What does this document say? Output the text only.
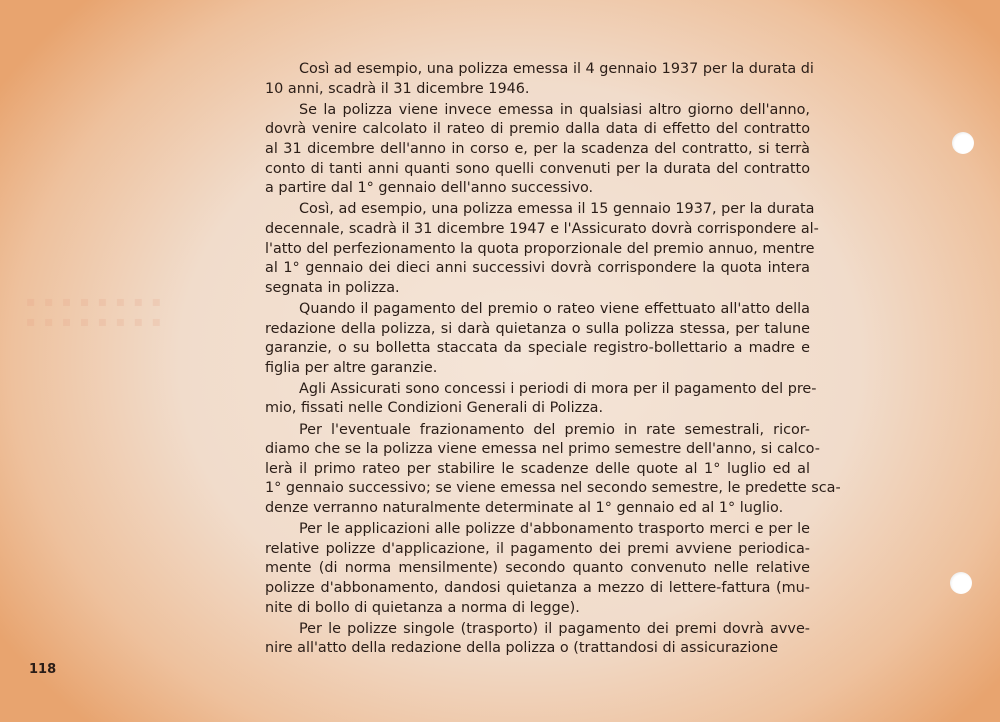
▪ ▪ ▪ ▪ ▪ ▪ ▪ ▪
▪ ▪ ▪ ▪ ▪ ▪ ▪ ▪
Così ad esempio, una polizza emessa il 4 gennaio 1937 per la durata di
10 anni, scadrà il 31 dicembre 1946.
Se la polizza viene invece emessa in qualsiasi altro giorno dell'anno,
dovrà venire calcolato il rateo di premio dalla data di effetto del contratto
al 31 dicembre dell'anno in corso e, per la scadenza del contratto, si terrà
conto di tanti anni quanti sono quelli convenuti per la durata del contratto
a partire dal 1° gennaio dell'anno successivo.
Così, ad esempio, una polizza emessa il 15 gennaio 1937, per la durata
decennale, scadrà il 31 dicembre 1947 e l'Assicurato dovrà corrispondere al-
l'atto del perfezionamento la quota proporzionale del premio annuo, mentre
al 1° gennaio dei dieci anni successivi dovrà corrispondere la quota intera
segnata in polizza.
Quando il pagamento del premio o rateo viene effettuato all'atto della
redazione della polizza, si darà quietanza o sulla polizza stessa, per talune
garanzie, o su bolletta staccata da speciale registro-bollettario a madre e
figlia per altre garanzie.
Agli Assicurati sono concessi i periodi di mora per il pagamento del pre-
mio, fissati nelle Condizioni Generali di Polizza.
Per l'eventuale frazionamento del premio in rate semestrali, ricor-
diamo che se la polizza viene emessa nel primo semestre dell'anno, si calco-
lerà il primo rateo per stabilire le scadenze delle quote al 1° luglio ed al
1° gennaio successivo; se viene emessa nel secondo semestre, le predette sca-
denze verranno naturalmente determinate al 1° gennaio ed al 1° luglio.
Per le applicazioni alle polizze d'abbonamento trasporto merci e per le
relative polizze d'applicazione, il pagamento dei premi avviene periodica-
mente (di norma mensilmente) secondo quanto convenuto nelle relative
polizze d'abbonamento, dandosi quietanza a mezzo di lettere-fattura (mu-
nite di bollo di quietanza a norma di legge).
Per le polizze singole (trasporto) il pagamento dei premi dovrà avve-
nire all'atto della redazione della polizza o (trattandosi di assicurazione
118
